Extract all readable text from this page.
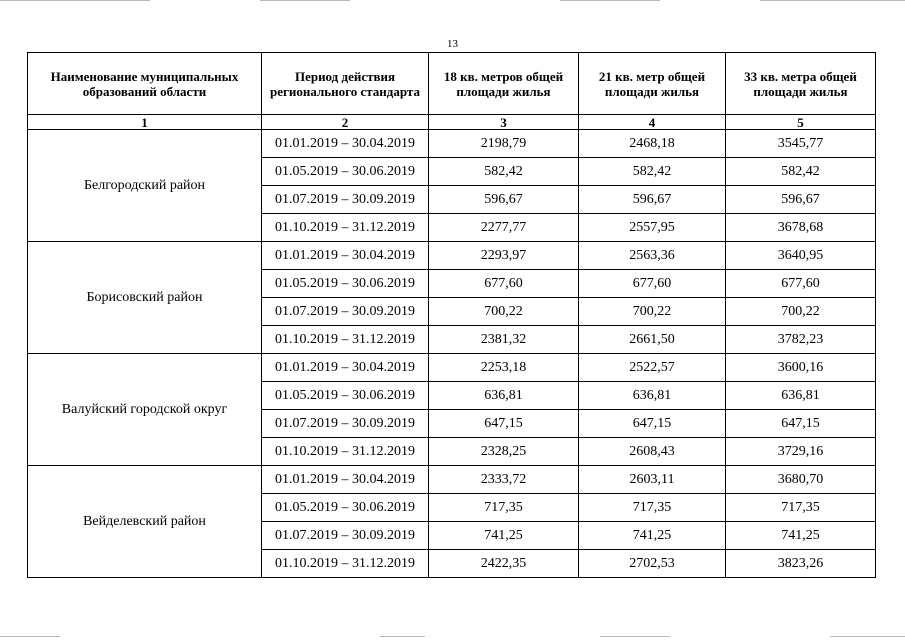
13
Наименование муниципальных образований области	Период действия регионального стандарта	18 кв. метров общей площади жилья	21 кв. метр общей площади жилья	33 кв. метра общей площади жилья
1	2	3	4	5
Белгородский район	01.01.2019 – 30.04.2019	2198,79	2468,18	3545,77
	01.05.2019 – 30.06.2019	582,42	582,42	582,42
	01.07.2019 – 30.09.2019	596,67	596,67	596,67
	01.10.2019 – 31.12.2019	2277,77	2557,95	3678,68
Борисовский район	01.01.2019 – 30.04.2019	2293,97	2563,36	3640,95
	01.05.2019 – 30.06.2019	677,60	677,60	677,60
	01.07.2019 – 30.09.2019	700,22	700,22	700,22
	01.10.2019 – 31.12.2019	2381,32	2661,50	3782,23
Валуйский городской округ	01.01.2019 – 30.04.2019	2253,18	2522,57	3600,16
	01.05.2019 – 30.06.2019	636,81	636,81	636,81
	01.07.2019 – 30.09.2019	647,15	647,15	647,15
	01.10.2019 – 31.12.2019	2328,25	2608,43	3729,16
Вейделевский район	01.01.2019 – 30.04.2019	2333,72	2603,11	3680,70
	01.05.2019 – 30.06.2019	717,35	717,35	717,35
	01.07.2019 – 30.09.2019	741,25	741,25	741,25
	01.10.2019 – 31.12.2019	2422,35	2702,53	3823,26
